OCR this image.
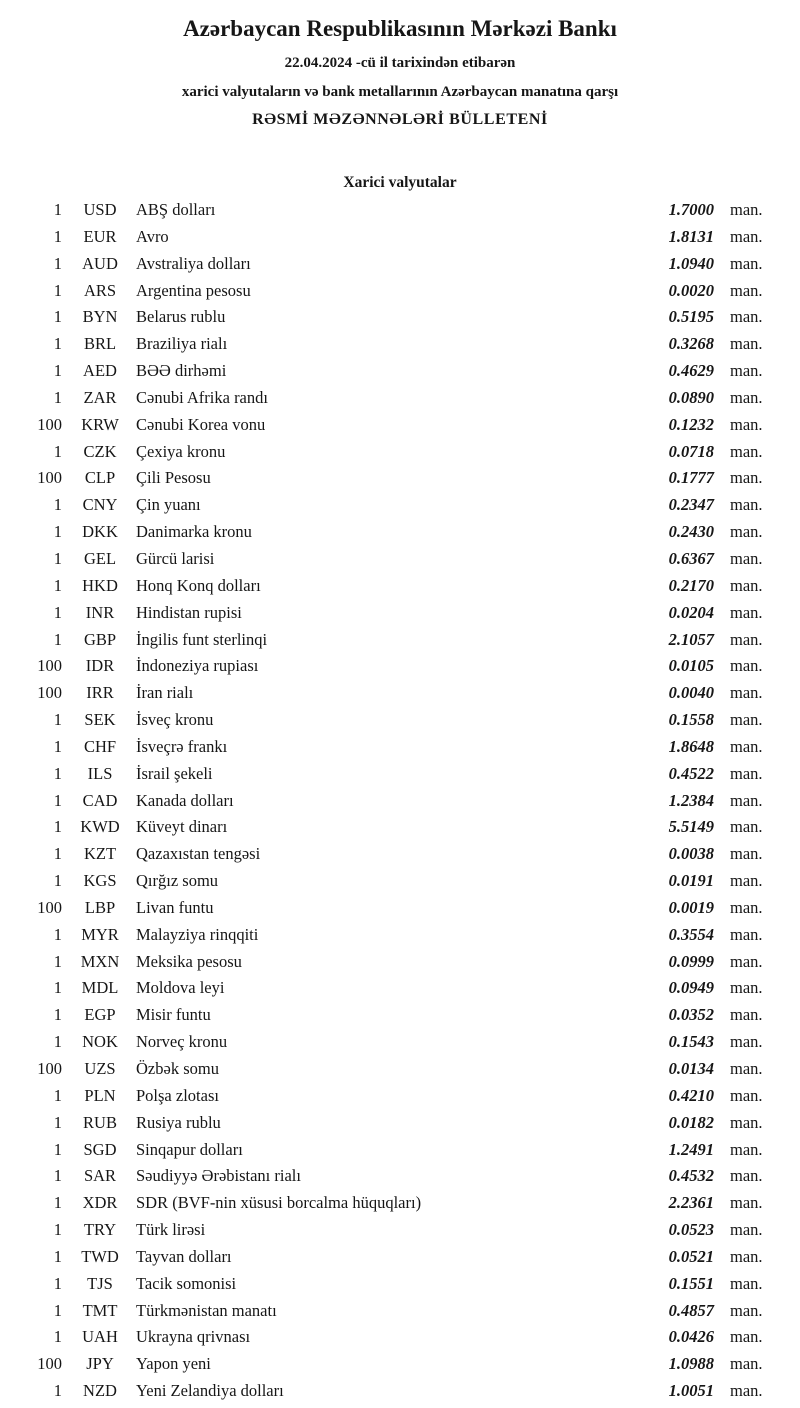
Azərbaycan Respublikasının Mərkəzi Bankı
22.04.2024 -cü il tarixindən etibarən
xarici valyutaların və bank metallarının Azərbaycan manatına qarşı
RƏSMİ MƏZƏNNƏLƏRİ BÜLLETENİ
Xarici valyutalar
1	USD	ABŞ dolları	1.7000 man.
1	EUR	Avro	1.8131 man.
1	AUD	Avstraliya dolları	1.0940 man.
1	ARS	Argentina pesosu	0.0020 man.
1	BYN	Belarus rublu	0.5195 man.
1	BRL	Braziliya rialı	0.3268 man.
1	AED	BƏƏ dirhəmi	0.4629 man.
1	ZAR	Cənubi Afrika randı	0.0890 man.
100	KRW	Cənubi Korea vonu	0.1232 man.
1	CZK	Çexiya kronu	0.0718 man.
100	CLP	Çili Pesosu	0.1777 man.
1	CNY	Çin yuanı	0.2347 man.
1	DKK	Danimarka kronu	0.2430 man.
1	GEL	Gürcü larisi	0.6367 man.
1	HKD	Honq Konq dolları	0.2170 man.
1	INR	Hindistan rupisi	0.0204 man.
1	GBP	İngilis funt sterlinqi	2.1057 man.
100	IDR	İndoneziya rupiası	0.0105 man.
100	IRR	İran rialı	0.0040 man.
1	SEK	İsveç kronu	0.1558 man.
1	CHF	İsveçrə frankı	1.8648 man.
1	ILS	İsrail şekeli	0.4522 man.
1	CAD	Kanada dolları	1.2384 man.
1	KWD Küveyt dinarı	5.5149 man.
1	KZT	Qazaxıstan tengəsi	0.0038 man.
1	KGS	Qırğız somu	0.0191 man.
100	LBP	Livan funtu	0.0019 man.
1	MYR	Malayziya rinqqiti	0.3554 man.
1	MXN	Meksika pesosu	0.0999 man.
1	MDL	Moldova leyi	0.0949 man.
1	EGP	Misir funtu	0.0352 man.
1	NOK	Norveç kronu	0.1543 man.
100	UZS	Özbək somu	0.0134 man.
1	PLN	Polşa zlotası	0.4210 man.
1	RUB	Rusiya rublu	0.0182 man.
1	SGD	Sinqapur dolları	1.2491 man.
1	SAR	Səudiyyə Ərəbistanı rialı	0.4532 man.
1	XDR	SDR (BVF-nin xüsusi borcalma hüquqları)	2.2361 man.
1	TRY	Türk lirəsi	0.0523 man.
1	TWD	Tayvan dolları	0.0521 man.
1	TJS	Tacik somonisi	0.1551 man.
1	TMT	Türkmənistan manatı	0.4857 man.
1	UAH	Ukrayna qrivnası	0.0426 man.
100	JPY	Yapon yeni	1.0988 man.
1	NZD	Yeni Zelandiya dolları	1.0051 man.
